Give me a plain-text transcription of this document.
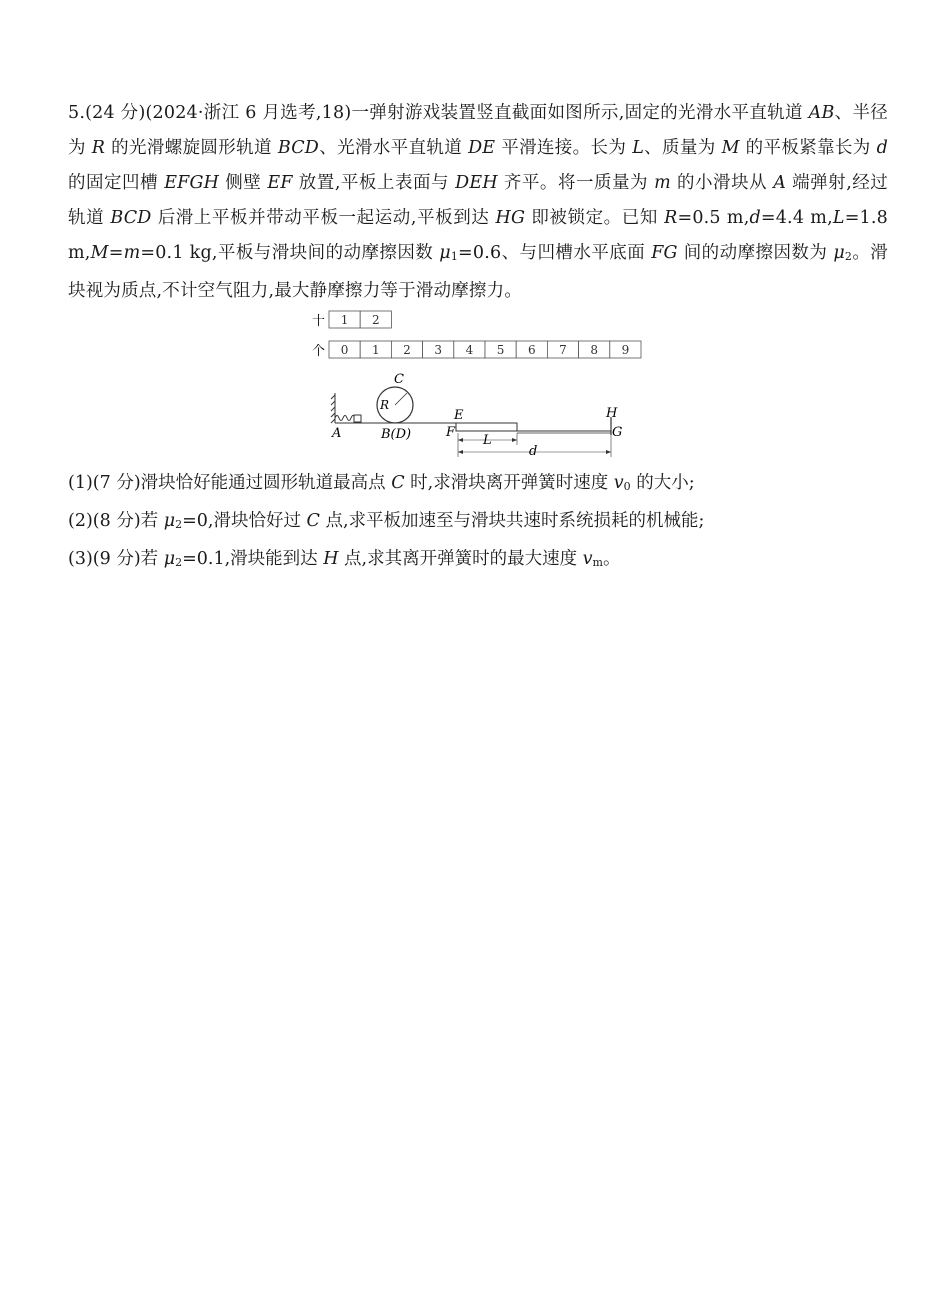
5.(24 分)(2024·浙江 6 月选考,18)一弹射游戏装置竖直截面如图所示,固定的光滑水平直轨道 AB、半径为 R 的光滑螺旋圆形轨道 BCD、光滑水平直轨道 DE 平滑连接。长为 L、质量为 M 的平板紧靠长为 d 的固定凹槽 EFGH 侧壁 EF 放置,平板上表面与 DEH 齐平。将一质量为 m 的小滑块从 A 端弹射,经过轨道 BCD 后滑上平板并带动平板一起运动,平板到达 HG 即被锁定。已知 R=0.5 m,d=4.4 m,L=1.8 m,M=m=0.1 kg,平板与滑块间的动摩擦因数 $\mu_1=0.6$、与凹槽水平底面 FG 间的动摩擦因数为 $\mu_2$。滑块视为质点,不计空气阻力,最大静摩擦力等于滑动摩擦力。
十 1 2
个 0 1 2 3 4 5 6 7 8 9
C
R
A	B(D)
E
F
L
d
H
G
(1)(7 分)滑块恰好能通过圆形轨道最高点 C 时,求滑块离开弹簧时速度 $v_0$ 的大小;
(2)(8 分)若 $\mu_2=0$,滑块恰好过 C 点,求平板加速至与滑块共速时系统损耗的机械能;
(3)(9 分)若 $\mu_2=0.1$,滑块能到达 H 点,求其离开弹簧时的最大速度 $v_m$。
